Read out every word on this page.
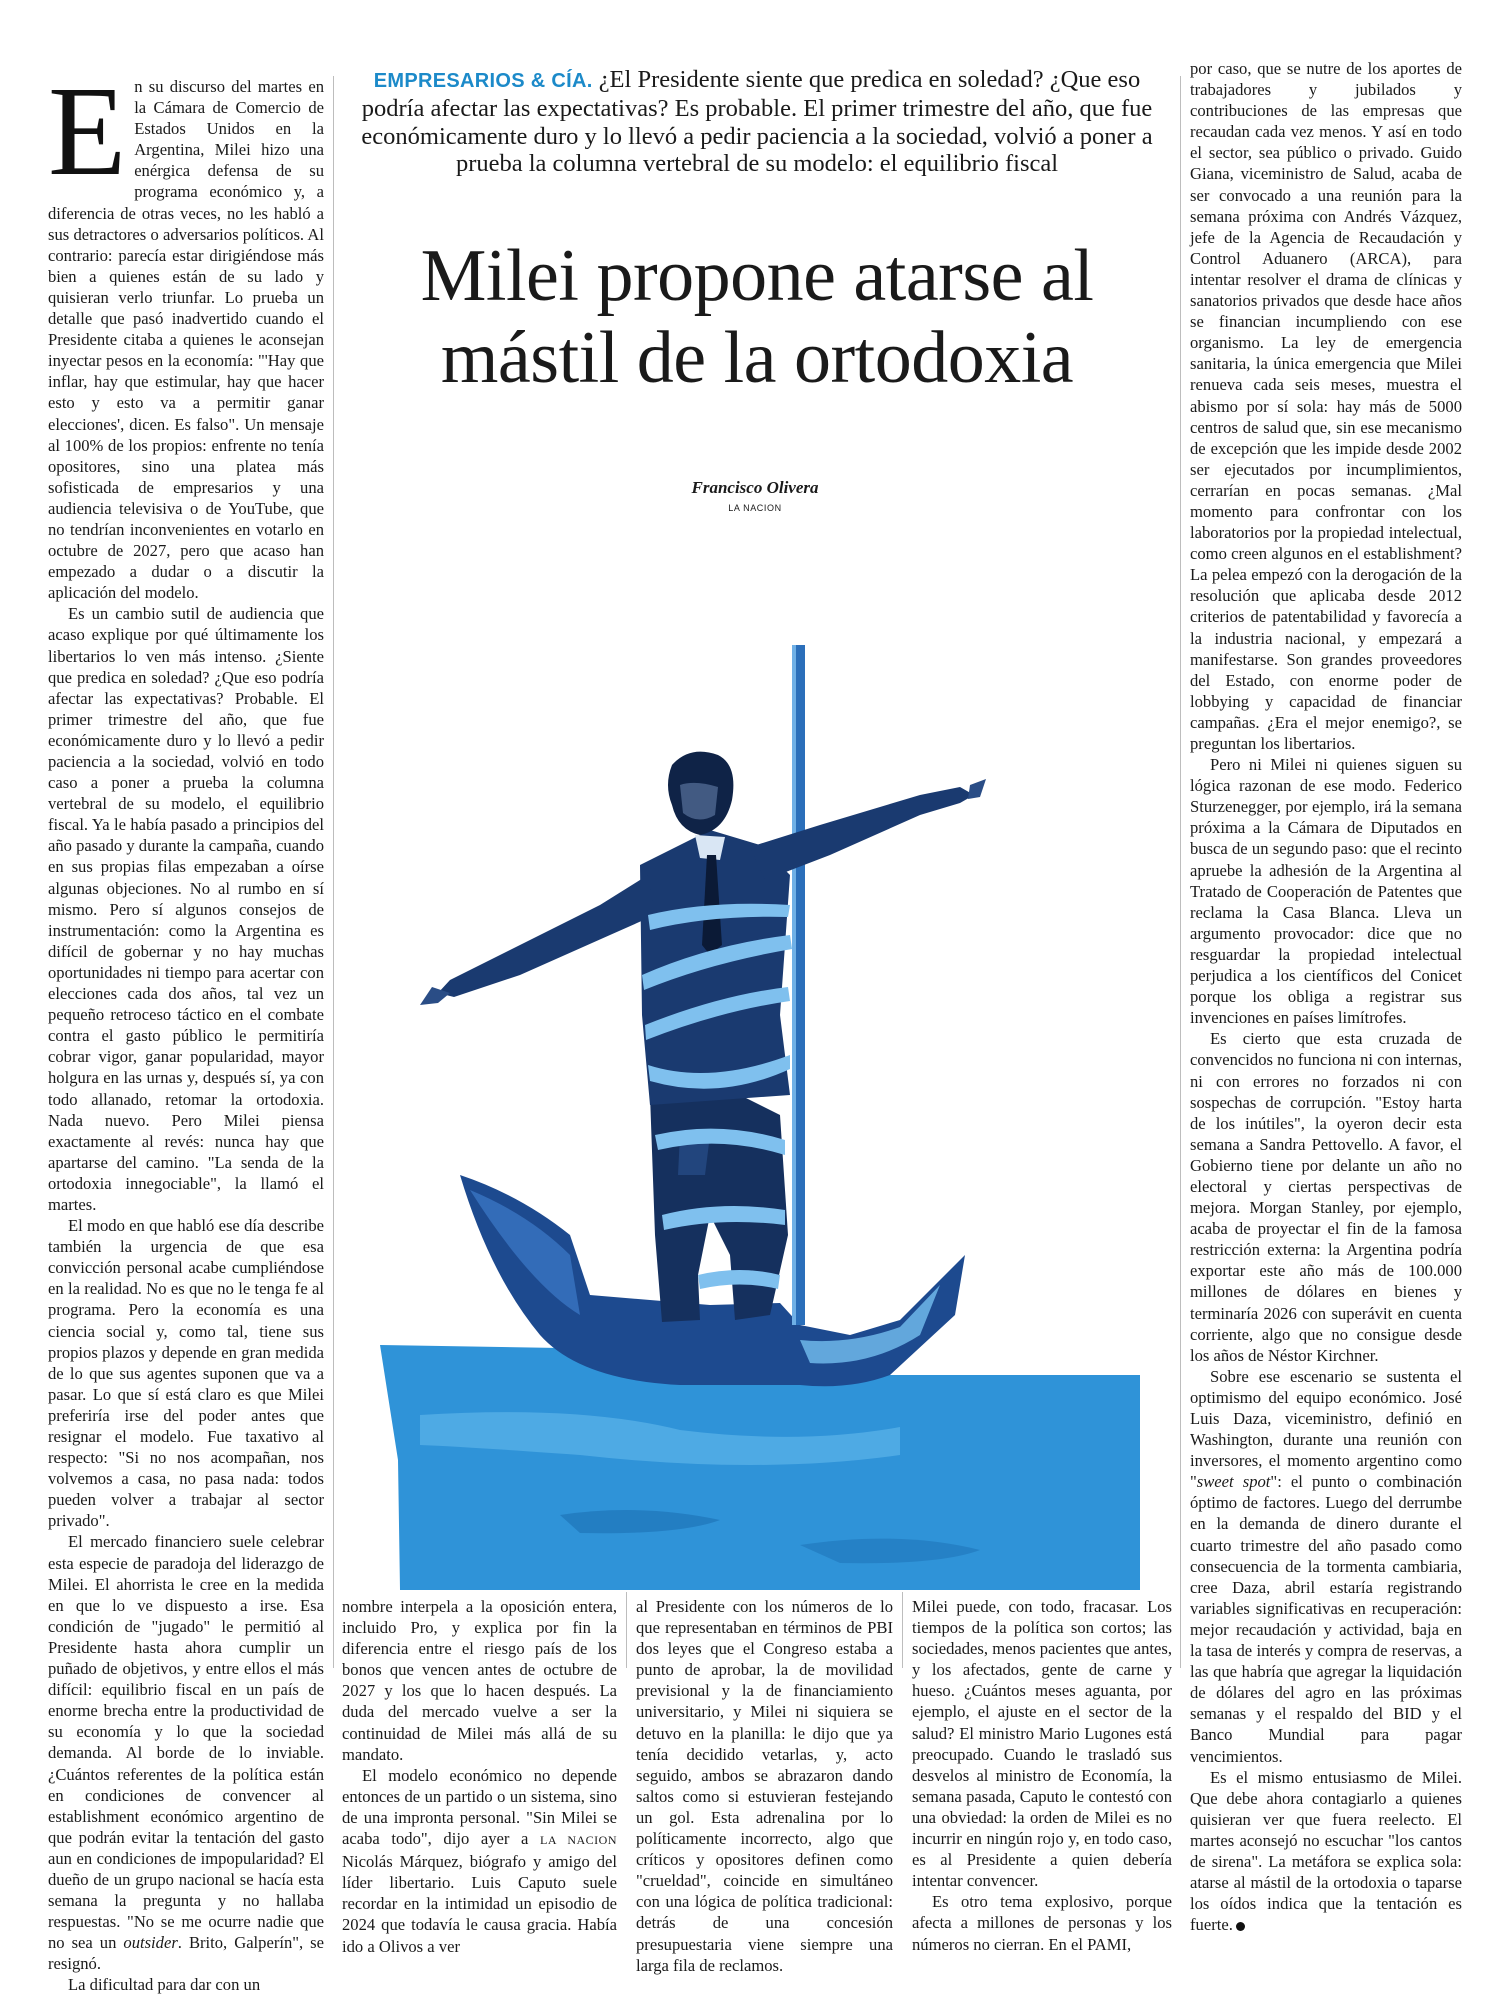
EMPRESARIOS & CÍA. ¿El Presidente siente que predica en soledad? ¿Que eso podría afectar las expectativas? Es probable. El primer trimestre del año, que fue económicamente duro y lo llevó a pedir paciencia a la sociedad, volvió a poner a prueba la columna vertebral de su modelo: el equilibrio fiscal
Milei propone atarse al
mástil de la ortodoxia
Francisco Olivera
LA NACION

En su discurso del martes en la Cámara de Comercio de Estados Unidos en la Argentina, Milei hizo una enérgica defensa de su programa económico y, a diferencia de otras veces, no les habló a sus detractores o adversarios políticos. Al contrario: parecía estar dirigiéndose más bien a quienes están de su lado y quisieran verlo triunfar. Lo prueba un detalle que pasó inadvertido cuando el Presidente citaba a quienes le aconsejan inyectar pesos en la economía: "'Hay que inflar, hay que estimular, hay que hacer esto y esto va a permitir ganar elecciones', dicen. Es falso". Un mensaje al 100% de los propios: enfrente no tenía opositores, sino una platea más sofisticada de empresarios y una audiencia televisiva o de YouTube, que no tendrían inconvenientes en votarlo en octubre de 2027, pero que acaso han empezado a dudar o a discutir la aplicación del modelo.

Es un cambio sutil de audiencia que acaso explique por qué últimamente los libertarios lo ven más intenso. ¿Siente que predica en soledad? ¿Que eso podría afectar las expectativas? Probable. El primer trimestre del año, que fue económicamente duro y lo llevó a pedir paciencia a la sociedad, volvió en todo caso a poner a prueba la columna vertebral de su modelo, el equilibrio fiscal. Ya le había pasado a principios del año pasado y durante la campaña, cuando en sus propias filas empezaban a oírse algunas objeciones. No al rumbo en sí mismo. Pero sí algunos consejos de instrumentación: como la Argentina es difícil de gobernar y no hay muchas oportunidades ni tiempo para acertar con elecciones cada dos años, tal vez un pequeño retroceso táctico en el combate contra el gasto público le permitiría cobrar vigor, ganar popularidad, mayor holgura en las urnas y, después sí, ya con todo allanado, retomar la ortodoxia. Nada nuevo. Pero Milei piensa exactamente al revés: nunca hay que apartarse del camino. "La senda de la ortodoxia innegociable", la llamó el martes.

El modo en que habló ese día describe también la urgencia de que esa convicción personal acabe cumpliéndose en la realidad. No es que no le tenga fe al programa. Pero la economía es una ciencia social y, como tal, tiene sus propios plazos y depende en gran medida de lo que sus agentes suponen que va a pasar. Lo que sí está claro es que Milei preferiría irse del poder antes que resignar el modelo. Fue taxativo al respecto: "Si no nos acompañan, nos volvemos a casa, no pasa nada: todos pueden volver a trabajar al sector privado".

El mercado financiero suele celebrar esta especie de paradoja del liderazgo de Milei. El ahorrista le cree en la medida en que lo ve dispuesto a irse. Esa condición de "jugado" le permitió al Presidente hasta ahora cumplir un puñado de objetivos, y entre ellos el más difícil: equilibrio fiscal en un país de enorme brecha entre la productividad de su economía y lo que la sociedad demanda. Al borde de lo inviable. ¿Cuántos referentes de la política están en condiciones de convencer al establishment económico argentino de que podrán evitar la tentación del gasto aun en condiciones de impopularidad? El dueño de un grupo nacional se hacía esta semana la pregunta y no hallaba respuestas. "No se me ocurre nadie que no sea un outsider. Brito, Galperín", se resignó.

La dificultad para dar con un

nombre interpela a la oposición entera, incluido Pro, y explica por fin la diferencia entre el riesgo país de los bonos que vencen antes de octubre de 2027 y los que lo hacen después. La duda del mercado vuelve a ser la continuidad de Milei más allá de su mandato.

El modelo económico no depende entonces de un partido o un sistema, sino de una impronta personal. "Sin Milei se acaba todo", dijo ayer a LA NACION Nicolás Márquez, biógrafo y amigo del líder libertario. Luis Caputo suele recordar en la intimidad un episodio de 2024 que todavía le causa gracia. Había ido a Olivos a ver

al Presidente con los números de lo que representaban en términos de PBI dos leyes que el Congreso estaba a punto de aprobar, la de movilidad previsional y la de financiamiento universitario, y Milei ni siquiera se detuvo en la planilla: le dijo que ya tenía decidido vetarlas, y, acto seguido, ambos se abrazaron dando saltos como si estuvieran festejando un gol. Esta adrenalina por lo políticamente incorrecto, algo que críticos y opositores definen como "crueldad", coincide en simultáneo con una lógica de política tradicional: detrás de una concesión presupuestaria viene siempre una larga fila de reclamos.

Milei puede, con todo, fracasar. Los tiempos de la política son cortos; las sociedades, menos pacientes que antes, y los afectados, gente de carne y hueso. ¿Cuántos meses aguanta, por ejemplo, el ajuste en el sector de la salud? El ministro Mario Lugones está preocupado. Cuando le trasladó sus desvelos al ministro de Economía, la semana pasada, Caputo le contestó con una obviedad: la orden de Milei es no incurrir en ningún rojo y, en todo caso, es al Presidente a quien debería intentar convencer.

Es otro tema explosivo, porque afecta a millones de personas y los números no cierran. En el PAMI,

por caso, que se nutre de los aportes de trabajadores y jubilados y contribuciones de las empresas que recaudan cada vez menos. Y así en todo el sector, sea público o privado. Guido Giana, viceministro de Salud, acaba de ser convocado a una reunión para la semana próxima con Andrés Vázquez, jefe de la Agencia de Recaudación y Control Aduanero (ARCA), para intentar resolver el drama de clínicas y sanatorios privados que desde hace años se financian incumpliendo con ese organismo. La ley de emergencia sanitaria, la única emergencia que Milei renueva cada seis meses, muestra el abismo por sí sola: hay más de 5000 centros de salud que, sin ese mecanismo de excepción que les impide desde 2002 ser ejecutados por incumplimientos, cerrarían en pocas semanas. ¿Mal momento para confrontar con los laboratorios por la propiedad intelectual, como creen algunos en el establishment? La pelea empezó con la derogación de la resolución que aplicaba desde 2012 criterios de patentabilidad y favorecía a la industria nacional, y empezará a manifestarse. Son grandes proveedores del Estado, con enorme poder de lobbying y capacidad de financiar campañas. ¿Era el mejor enemigo?, se preguntan los libertarios.

Pero ni Milei ni quienes siguen su lógica razonan de ese modo. Federico Sturzenegger, por ejemplo, irá la semana próxima a la Cámara de Diputados en busca de un segundo paso: que el recinto apruebe la adhesión de la Argentina al Tratado de Cooperación de Patentes que reclama la Casa Blanca. Lleva un argumento provocador: dice que no resguardar la propiedad intelectual perjudica a los científicos del Conicet porque los obliga a registrar sus invenciones en países limítrofes.

Es cierto que esta cruzada de convencidos no funciona ni con internas, ni con errores no forzados ni con sospechas de corrupción. "Estoy harta de los inútiles", la oyeron decir esta semana a Sandra Pettovello. A favor, el Gobierno tiene por delante un año no electoral y ciertas perspectivas de mejora. Morgan Stanley, por ejemplo, acaba de proyectar el fin de la famosa restricción externa: la Argentina podría exportar este año más de 100.000 millones de dólares en bienes y terminaría 2026 con superávit en cuenta corriente, algo que no consigue desde los años de Néstor Kirchner.

Sobre ese escenario se sustenta el optimismo del equipo económico. José Luis Daza, viceministro, definió en Washington, durante una reunión con inversores, el momento argentino como "sweet spot": el punto o combinación óptimo de factores. Luego del derrumbe en la demanda de dinero durante el cuarto trimestre del año pasado como consecuencia de la tormenta cambiaria, cree Daza, abril estaría registrando variables significativas en recuperación: mejor recaudación y actividad, baja en la tasa de interés y compra de reservas, a las que habría que agregar la liquidación de dólares del agro en las próximas semanas y el respaldo del BID y el Banco Mundial para pagar vencimientos.

Es el mismo entusiasmo de Milei. Que debe ahora contagiarlo a quienes quisieran ver que fuera reelecto. El martes aconsejó no escuchar "los cantos de sirena". La metáfora se explica sola: atarse al mástil de la ortodoxia o taparse los oídos indica que la tentación es fuerte.
